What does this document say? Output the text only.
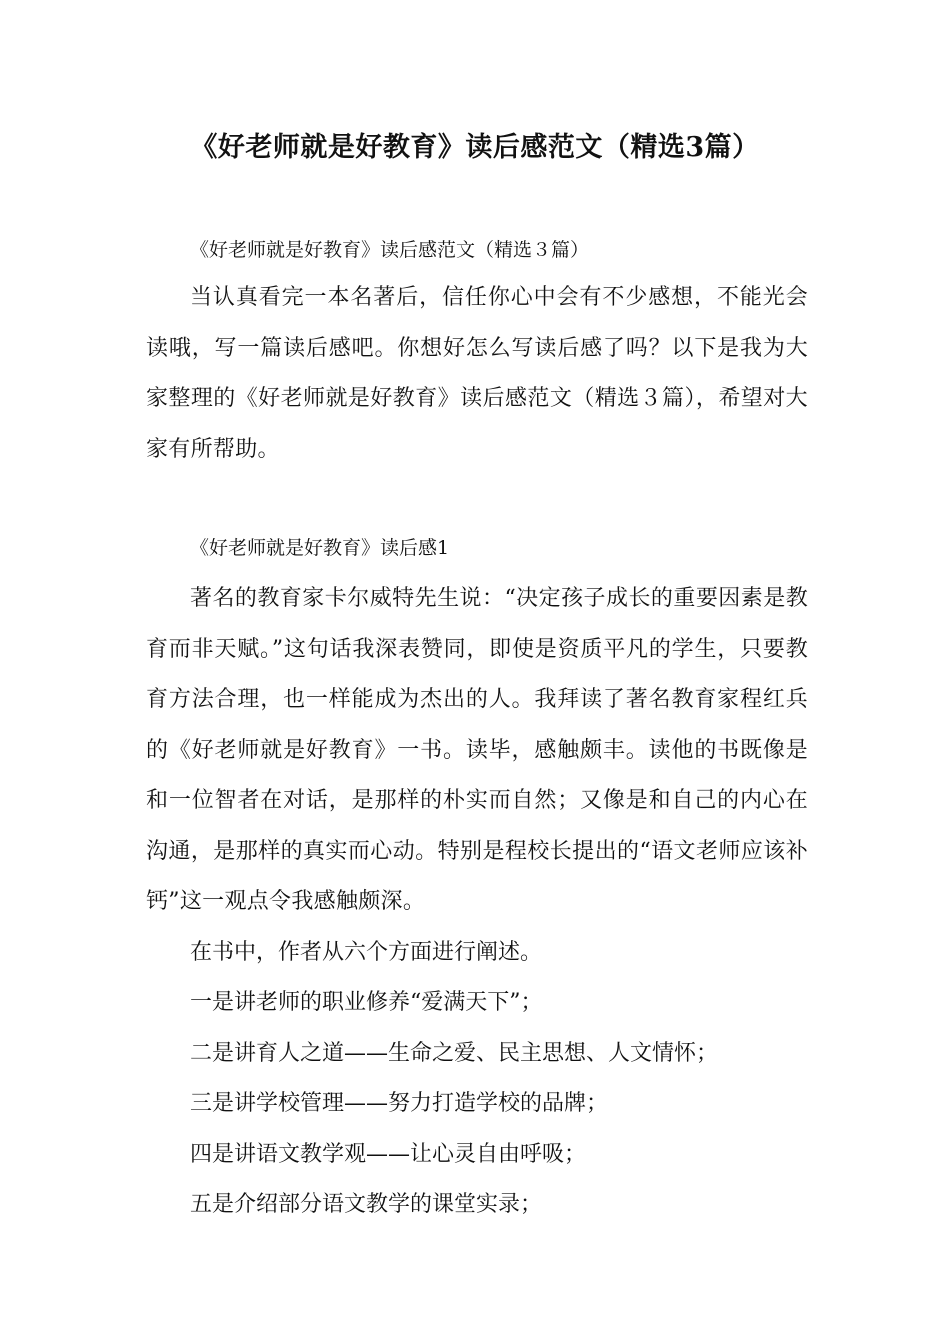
《好老师就是好教育》读后感范文（精选3篇）

《好老师就是好教育》读后感范文（精选３篇）

当认真看完一本名著后，信任你心中会有不少感想，不能光会读哦，写一篇读后感吧。你想好怎么写读后感了吗？以下是我为大家整理的《好老师就是好教育》读后感范文（精选３篇），希望对大家有所帮助。

《好老师就是好教育》读后感1

著名的教育家卡尔威特先生说：“决定孩子成长的重要因素是教育而非天赋。”这句话我深表赞同，即使是资质平凡的学生，只要教育方法合理，也一样能成为杰出的人。我拜读了著名教育家程红兵的《好老师就是好教育》一书。读毕，感触颇丰。读他的书既像是和一位智者在对话，是那样的朴实而自然；又像是和自己的内心在沟通，是那样的真实而心动。特别是程校长提出的“语文老师应该补钙”这一观点令我感触颇深。

在书中，作者从六个方面进行阐述。

一是讲老师的职业修养“爱满天下”；

二是讲育人之道——生命之爱、民主思想、人文情怀；

三是讲学校管理——努力打造学校的品牌；

四是讲语文教学观——让心灵自由呼吸；

五是介绍部分语文教学的课堂实录；
